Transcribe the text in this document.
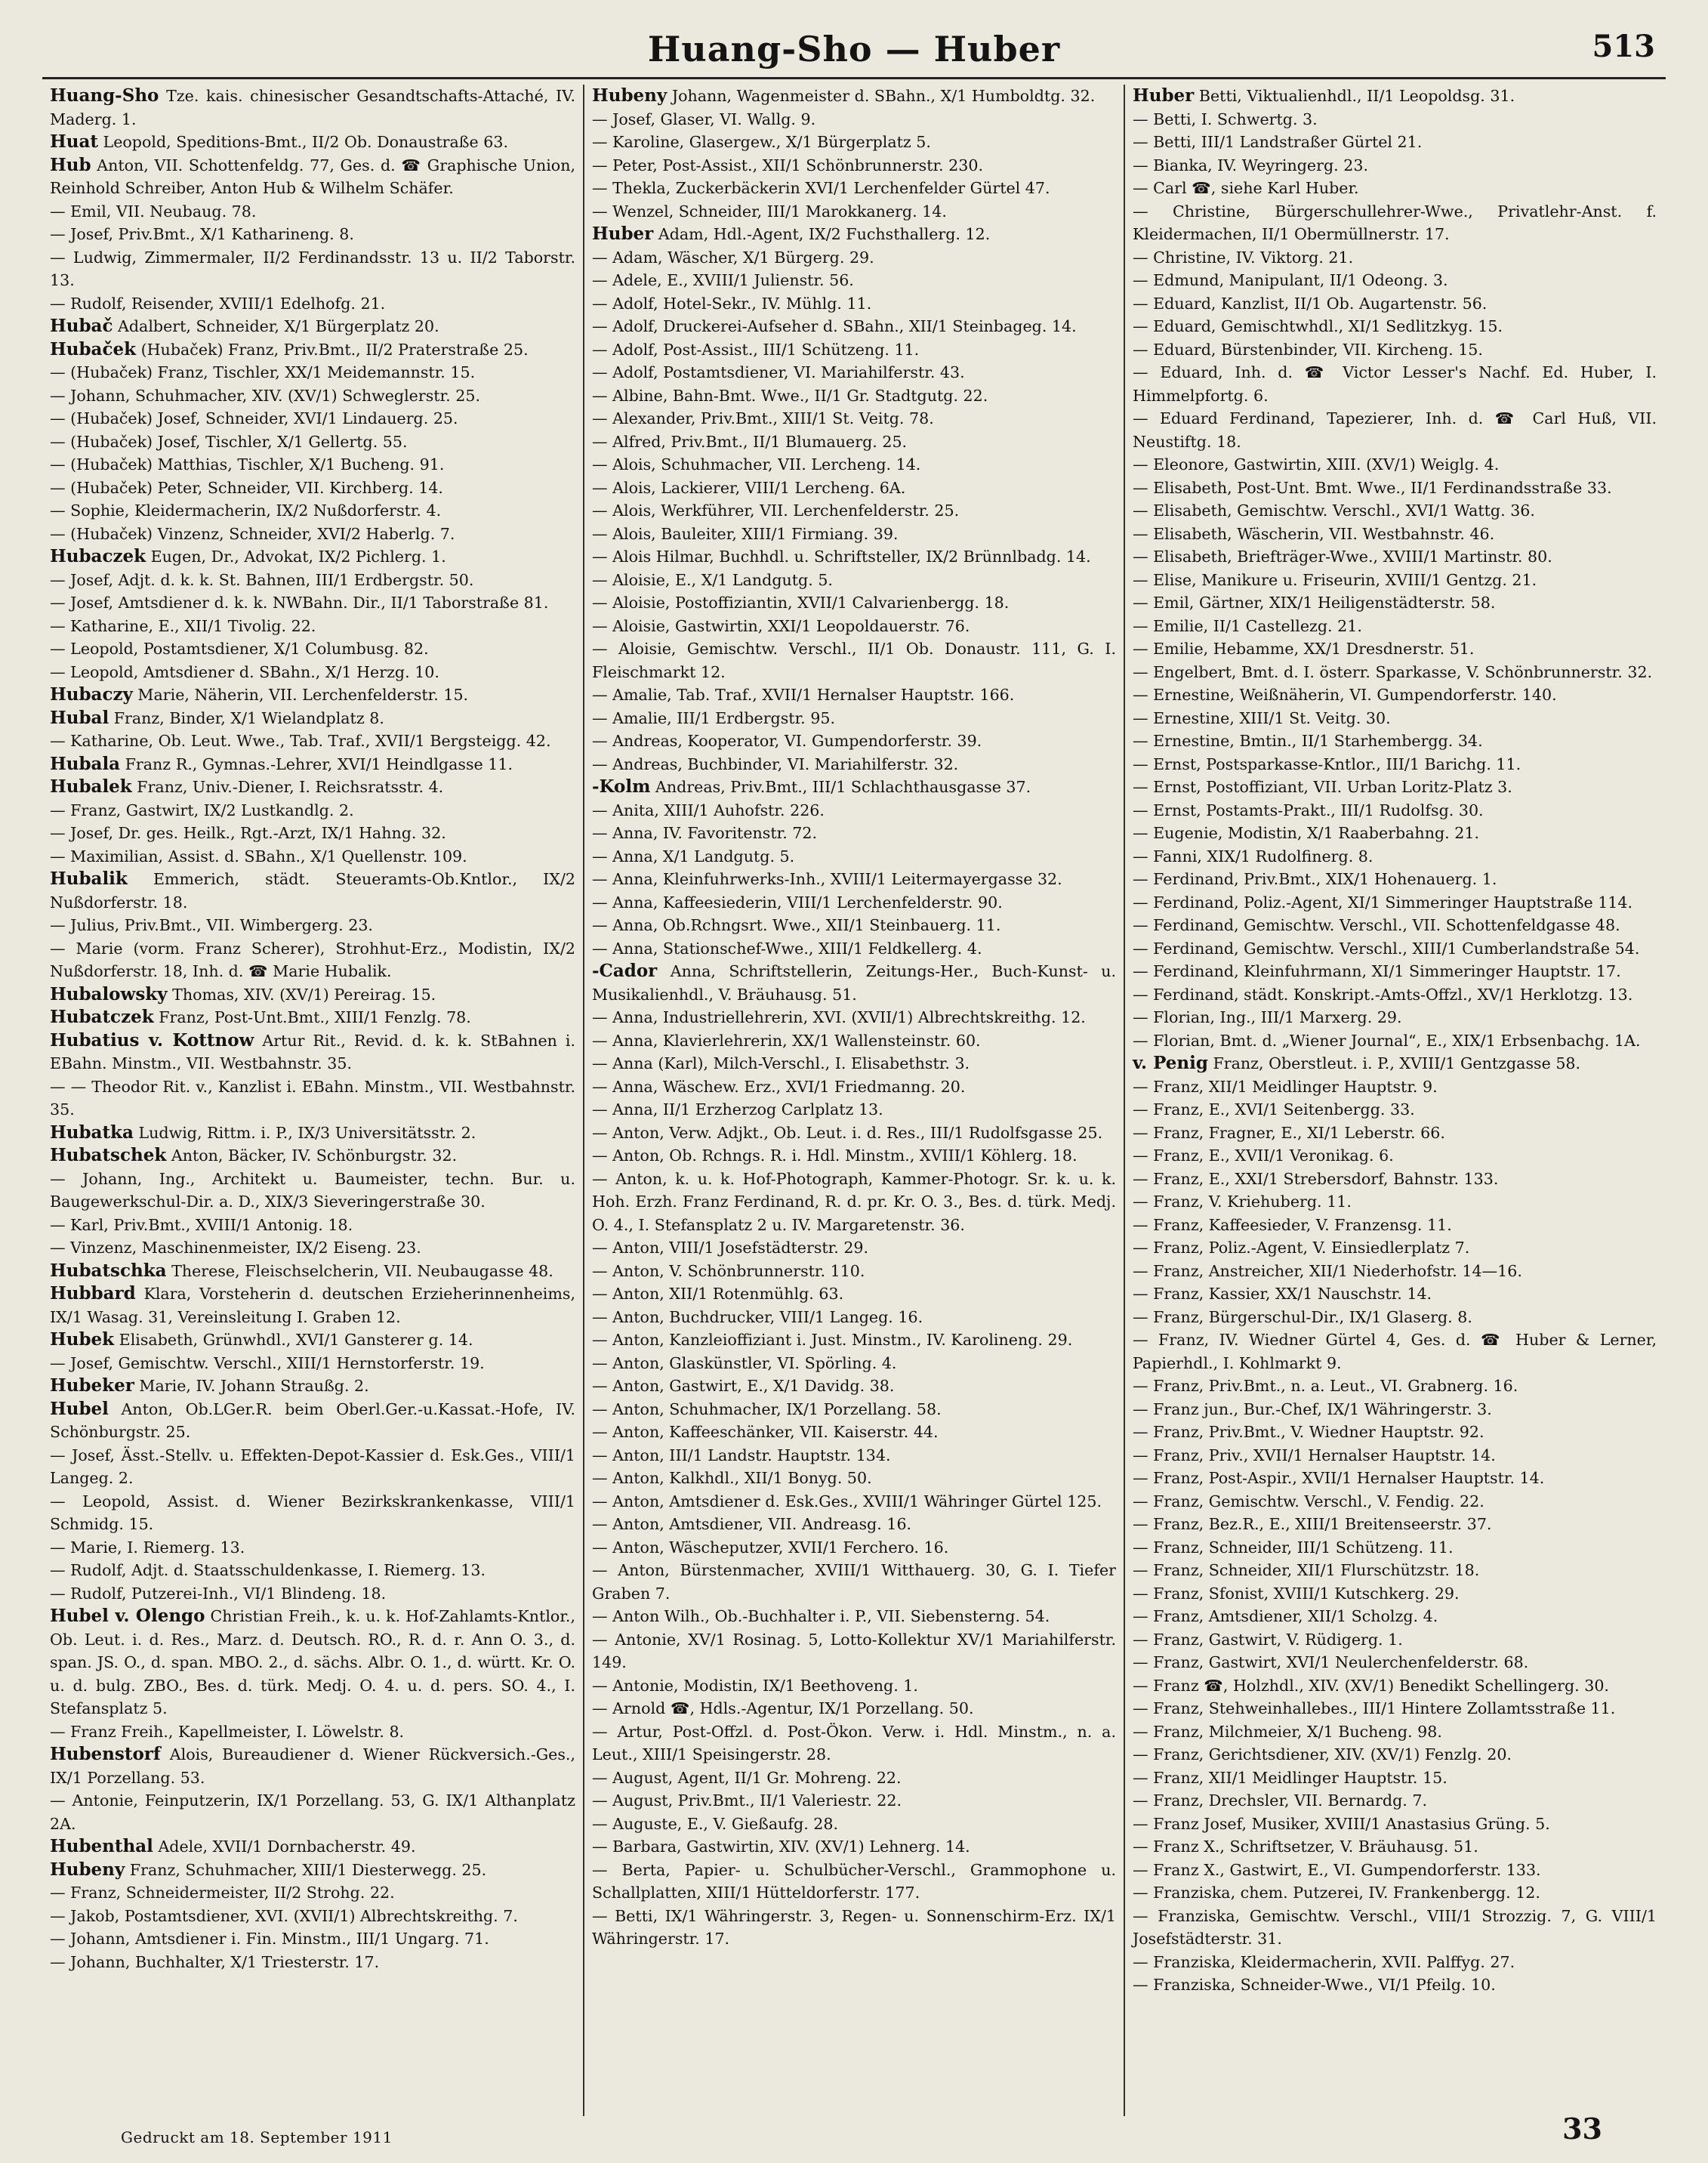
Huang-Sho — Huber	513

Huang-Sho Tze. kais. chinesischer Gesandtschafts-Attaché, IV. Maderg. 1.

Huat Leopold, Speditions-Bmt., II/2 Ob. Donaustraße 63.

Hub Anton, VII. Schottenfeldg. 77, Ges. d. ☎ Graphische Union, Reinhold Schreiber, Anton Hub & Wilhelm Schäfer.

— Emil, VII. Neubaug. 78.

— Josef, Priv.Bmt., X/1 Katharineng. 8.

— Ludwig, Zimmermaler, II/2 Ferdinandsstr. 13 u. II/2 Taborstr. 13.

— Rudolf, Reisender, XVIII/1 Edelhofg. 21.

Hubač Adalbert, Schneider, X/1 Bürgerplatz 20.

Hubaček (Hubaček) Franz, Priv.Bmt., II/2 Praterstraße 25.

— (Hubaček) Franz, Tischler, XX/1 Meidemannstr. 15.

— Johann, Schuhmacher, XIV. (XV/1) Schweglerstr. 25.

— (Hubaček) Josef, Schneider, XVI/1 Lindauerg. 25.

— (Hubaček) Josef, Tischler, X/1 Gellertg. 55.

— (Hubaček) Matthias, Tischler, X/1 Bucheng. 91.

— (Hubaček) Peter, Schneider, VII. Kirchberg. 14.

— Sophie, Kleidermacherin, IX/2 Nußdorferstr. 4.

— (Hubaček) Vinzenz, Schneider, XVI/2 Haberlg. 7.

Hubaczek Eugen, Dr., Advokat, IX/2 Pichlerg. 1.

— Josef, Adjt. d. k. k. St. Bahnen, III/1 Erdbergstr. 50.

— Josef, Amtsdiener d. k. k. NWBahn. Dir., II/1 Taborstraße 81.

— Katharine, E., XII/1 Tivolig. 22.

— Leopold, Postamtsdiener, X/1 Columbusg. 82.

— Leopold, Amtsdiener d. SBahn., X/1 Herzg. 10.

Hubaczy Marie, Näherin, VII. Lerchenfelderstr. 15.

Hubal Franz, Binder, X/1 Wielandplatz 8.

— Katharine, Ob. Leut. Wwe., Tab. Traf., XVII/1 Bergsteigg. 42.

Hubala Franz R., Gymnas.-Lehrer, XVI/1 Heindlgasse 11.

Hubalek Franz, Univ.-Diener, I. Reichsratsstr. 4.

— Franz, Gastwirt, IX/2 Lustkandlg. 2.

— Josef, Dr. ges. Heilk., Rgt.-Arzt, IX/1 Hahng. 32.

— Maximilian, Assist. d. SBahn., X/1 Quellenstr. 109.

Hubalik Emmerich, städt. Steueramts-Ob.Kntlor., IX/2 Nußdorferstr. 18.

— Julius, Priv.Bmt., VII. Wimbergerg. 23.

— Marie (vorm. Franz Scherer), Strohhut-Erz., Modistin, IX/2 Nußdorferstr. 18, Inh. d. ☎ Marie Hubalik.

Hubalowsky Thomas, XIV. (XV/1) Pereirag. 15.

Hubatczek Franz, Post-Unt.Bmt., XIII/1 Fenzlg. 78.

Hubatius v. Kottnow Artur Rit., Revid. d. k. k. StBahnen i. EBahn. Minstm., VII. Westbahnstr. 35.

— — Theodor Rit. v., Kanzlist i. EBahn. Minstm., VII. Westbahnstr. 35.

Hubatka Ludwig, Rittm. i. P., IX/3 Universitätsstr. 2.

Hubatschek Anton, Bäcker, IV. Schönburgstr. 32.

— Johann, Ing., Architekt u. Baumeister, techn. Bur. u. Baugewerkschul-Dir. a. D., XIX/3 Sieveringerstraße 30.

— Karl, Priv.Bmt., XVIII/1 Antonig. 18.

— Vinzenz, Maschinenmeister, IX/2 Eiseng. 23.

Hubatschka Therese, Fleischselcherin, VII. Neubaugasse 48.

Hubbard Klara, Vorsteherin d. deutschen Erzieherinnenheims, IX/1 Wasag. 31, Vereinsleitung I. Graben 12.

Hubek Elisabeth, Grünwhdl., XVI/1 Gansterer g. 14.

— Josef, Gemischtw. Verschl., XIII/1 Hernstorferstr. 19.

Hubeker Marie, IV. Johann Straußg. 2.

Hubel Anton, Ob.LGer.R. beim Oberl.Ger.-u.Kassat.-Hofe, IV. Schönburgstr. 25.

— Josef, Ässt.-Stellv. u. Effekten-Depot-Kassier d. Esk.Ges., VIII/1 Langeg. 2.

— Leopold, Assist. d. Wiener Bezirkskrankenkasse, VIII/1 Schmidg. 15.

— Marie, I. Riemerg. 13.

— Rudolf, Adjt. d. Staatsschuldenkasse, I. Riemerg. 13.

— Rudolf, Putzerei-Inh., VI/1 Blindeng. 18.

Hubel v. Olengo Christian Freih., k. u. k. Hof-Zahlamts-Kntlor., Ob. Leut. i. d. Res., Marz. d. Deutsch. RO., R. d. r. Ann O. 3., d. span. JS. O., d. span. MBO. 2., d. sächs. Albr. O. 1., d. württ. Kr. O. u. d. bulg. ZBO., Bes. d. türk. Medj. O. 4. u. d. pers. SO. 4., I. Stefansplatz 5.

— Franz Freih., Kapellmeister, I. Löwelstr. 8.

Hubenstorf Alois, Bureaudiener d. Wiener Rückversich.-Ges., IX/1 Porzellang. 53.

— Antonie, Feinputzerin, IX/1 Porzellang. 53, G. IX/1 Althanplatz 2A.

Hubenthal Adele, XVII/1 Dornbacherstr. 49.

Hubeny Franz, Schuhmacher, XIII/1 Diesterwegg. 25.

— Franz, Schneidermeister, II/2 Strohg. 22.

— Jakob, Postamtsdiener, XVI. (XVII/1) Albrechtskreithg. 7.

— Johann, Amtsdiener i. Fin. Minstm., III/1 Ungarg. 71.

— Johann, Buchhalter, X/1 Triesterstr. 17.

Hubeny Johann, Wagenmeister d. SBahn., X/1 Humboldtg. 32.

— Josef, Glaser, VI. Wallg. 9.

— Karoline, Glasergew., X/1 Bürgerplatz 5.

— Peter, Post-Assist., XII/1 Schönbrunnerstr. 230.

— Thekla, Zuckerbäckerin XVI/1 Lerchenfelder Gürtel 47.

— Wenzel, Schneider, III/1 Marokkanerg. 14.

Huber Adam, Hdl.-Agent, IX/2 Fuchsthallerg. 12.

— Adam, Wäscher, X/1 Bürgerg. 29.

— Adele, E., XVIII/1 Julienstr. 56.

— Adolf, Hotel-Sekr., IV. Mühlg. 11.

— Adolf, Druckerei-Aufseher d. SBahn., XII/1 Steinbageg. 14.

— Adolf, Post-Assist., III/1 Schützeng. 11.

— Adolf, Postamtsdiener, VI. Mariahilferstr. 43.

— Albine, Bahn-Bmt. Wwe., II/1 Gr. Stadtgutg. 22.

— Alexander, Priv.Bmt., XIII/1 St. Veitg. 78.

— Alfred, Priv.Bmt., II/1 Blumauerg. 25.

— Alois, Schuhmacher, VII. Lercheng. 14.

— Alois, Lackierer, VIII/1 Lercheng. 6A.

— Alois, Werkführer, VII. Lerchenfelderstr. 25.

— Alois, Bauleiter, XIII/1 Firmiang. 39.

— Alois Hilmar, Buchhdl. u. Schriftsteller, IX/2 Brünnlbadg. 14.

— Aloisie, E., X/1 Landgutg. 5.

— Aloisie, Postoffiziantin, XVII/1 Calvarienbergg. 18.

— Aloisie, Gastwirtin, XXI/1 Leopoldauerstr. 76.

— Aloisie, Gemischtw. Verschl., II/1 Ob. Donaustr. 111, G. I. Fleischmarkt 12.

— Amalie, Tab. Traf., XVII/1 Hernalser Hauptstr. 166.

— Amalie, III/1 Erdbergstr. 95.

— Andreas, Kooperator, VI. Gumpendorferstr. 39.

— Andreas, Buchbinder, VI. Mariahilferstr. 32.

-Kolm Andreas, Priv.Bmt., III/1 Schlachthausgasse 37.

— Anita, XIII/1 Auhofstr. 226.

— Anna, IV. Favoritenstr. 72.

— Anna, X/1 Landgutg. 5.

— Anna, Kleinfuhrwerks-Inh., XVIII/1 Leitermayergasse 32.

— Anna, Kaffeesiederin, VIII/1 Lerchenfelderstr. 90.

— Anna, Ob.Rchngsrt. Wwe., XII/1 Steinbauerg. 11.

— Anna, Stationschef-Wwe., XIII/1 Feldkellerg. 4.

-Cador Anna, Schriftstellerin, Zeitungs-Her., Buch-Kunst- u. Musikalienhdl., V. Bräuhausg. 51.

— Anna, Industriellehrerin, XVI. (XVII/1) Albrechtskreithg. 12.

— Anna, Klavierlehrerin, XX/1 Wallensteinstr. 60.

— Anna (Karl), Milch-Verschl., I. Elisabethstr. 3.

— Anna, Wäschew. Erz., XVI/1 Friedmanng. 20.

— Anna, II/1 Erzherzog Carlplatz 13.

— Anton, Verw. Adjkt., Ob. Leut. i. d. Res., III/1 Rudolfsgasse 25.

— Anton, Ob. Rchngs. R. i. Hdl. Minstm., XVIII/1 Köhlerg. 18.

— Anton, k. u. k. Hof-Photograph, Kammer-Photogr. Sr. k. u. k. Hoh. Erzh. Franz Ferdinand, R. d. pr. Kr. O. 3., Bes. d. türk. Medj. O. 4., I. Stefansplatz 2 u. IV. Margaretenstr. 36.

— Anton, VIII/1 Josefstädterstr. 29.

— Anton, V. Schönbrunnerstr. 110.

— Anton, XII/1 Rotenmühlg. 63.

— Anton, Buchdrucker, VIII/1 Langeg. 16.

— Anton, Kanzleioffiziant i. Just. Minstm., IV. Karolineng. 29.

— Anton, Glaskünstler, VI. Spörling. 4.

— Anton, Gastwirt, E., X/1 Davidg. 38.

— Anton, Schuhmacher, IX/1 Porzellang. 58.

— Anton, Kaffeeschänker, VII. Kaiserstr. 44.

— Anton, III/1 Landstr. Hauptstr. 134.

— Anton, Kalkhdl., XII/1 Bonyg. 50.

— Anton, Amtsdiener d. Esk.Ges., XVIII/1 Währinger Gürtel 125.

— Anton, Amtsdiener, VII. Andreasg. 16.

— Anton, Wäscheputzer, XVII/1 Ferchero. 16.

— Anton, Bürstenmacher, XVIII/1 Witthauerg. 30, G. I. Tiefer Graben 7.

— Anton Wilh., Ob.-Buchhalter i. P., VII. Siebensterng. 54.

— Antonie, XV/1 Rosinag. 5, Lotto-Kollektur XV/1 Mariahilferstr. 149.

— Antonie, Modistin, IX/1 Beethoveng. 1.

— Arnold ☎, Hdls.-Agentur, IX/1 Porzellang. 50.

— Artur, Post-Offzl. d. Post-Ökon. Verw. i. Hdl. Minstm., n. a. Leut., XIII/1 Speisingerstr. 28.

— August, Agent, II/1 Gr. Mohreng. 22.

— August, Priv.Bmt., II/1 Valeriestr. 22.

— Auguste, E., V. Gießaufg. 28.

— Barbara, Gastwirtin, XIV. (XV/1) Lehnerg. 14.

— Berta, Papier- u. Schulbücher-Verschl., Grammophone u. Schallplatten, XIII/1 Hütteldorferstr. 177.

— Betti, IX/1 Währingerstr. 3, Regen- u. Sonnenschirm-Erz. IX/1 Währingerstr. 17.

Huber Betti, Viktualienhdl., II/1 Leopoldsg. 31.

— Betti, I. Schwertg. 3.

— Betti, III/1 Landstraßer Gürtel 21.

— Bianka, IV. Weyringerg. 23.

— Carl ☎, siehe Karl Huber.

— Christine, Bürgerschullehrer-Wwe., Privatlehr-Anst. f. Kleidermachen, II/1 Obermüllnerstr. 17.

— Christine, IV. Viktorg. 21.

— Edmund, Manipulant, II/1 Odeong. 3.

— Eduard, Kanzlist, II/1 Ob. Augartenstr. 56.

— Eduard, Gemischtwhdl., XI/1 Sedlitzkyg. 15.

— Eduard, Bürstenbinder, VII. Kircheng. 15.

— Eduard, Inh. d. ☎ Victor Lesser's Nachf. Ed. Huber, I. Himmelpfortg. 6.

— Eduard Ferdinand, Tapezierer, Inh. d. ☎ Carl Huß, VII. Neustiftg. 18.

— Eleonore, Gastwirtin, XIII. (XV/1) Weiglg. 4.

— Elisabeth, Post-Unt. Bmt. Wwe., II/1 Ferdinandsstraße 33.

— Elisabeth, Gemischtw. Verschl., XVI/1 Wattg. 36.

— Elisabeth, Wäscherin, VII. Westbahnstr. 46.

— Elisabeth, Briefträger-Wwe., XVIII/1 Martinstr. 80.

— Elise, Manikure u. Friseurin, XVIII/1 Gentzg. 21.

— Emil, Gärtner, XIX/1 Heiligenstädterstr. 58.

— Emilie, II/1 Castellezg. 21.

— Emilie, Hebamme, XX/1 Dresdnerstr. 51.

— Engelbert, Bmt. d. I. österr. Sparkasse, V. Schönbrunnerstr. 32.

— Ernestine, Weißnäherin, VI. Gumpendorferstr. 140.

— Ernestine, XIII/1 St. Veitg. 30.

— Ernestine, Bmtin., II/1 Starhembergg. 34.

— Ernst, Postsparkasse-Kntlor., III/1 Barichg. 11.

— Ernst, Postoffiziant, VII. Urban Loritz-Platz 3.

— Ernst, Postamts-Prakt., III/1 Rudolfsg. 30.

— Eugenie, Modistin, X/1 Raaberbahng. 21.

— Fanni, XIX/1 Rudolfinerg. 8.

— Ferdinand, Priv.Bmt., XIX/1 Hohenauerg. 1.

— Ferdinand, Poliz.-Agent, XI/1 Simmeringer Hauptstraße 114.

— Ferdinand, Gemischtw. Verschl., VII. Schottenfeldgasse 48.

— Ferdinand, Gemischtw. Verschl., XIII/1 Cumberlandstraße 54.

— Ferdinand, Kleinfuhrmann, XI/1 Simmeringer Hauptstr. 17.

— Ferdinand, städt. Konskript.-Amts-Offzl., XV/1 Herklotzg. 13.

— Florian, Ing., III/1 Marxerg. 29.

— Florian, Bmt. d. „Wiener Journal“, E., XIX/1 Erbsenbachg. 1A.

v. Penig Franz, Oberstleut. i. P., XVIII/1 Gentzgasse 58.

— Franz, XII/1 Meidlinger Hauptstr. 9.

— Franz, E., XVI/1 Seitenbergg. 33.

— Franz, Fragner, E., XI/1 Leberstr. 66.

— Franz, E., XVII/1 Veronikag. 6.

— Franz, E., XXI/1 Strebersdorf, Bahnstr. 133.

— Franz, V. Kriehuberg. 11.

— Franz, Kaffeesieder, V. Franzensg. 11.

— Franz, Poliz.-Agent, V. Einsiedlerplatz 7.

— Franz, Anstreicher, XII/1 Niederhofstr. 14—16.

— Franz, Kassier, XX/1 Nauschstr. 14.

— Franz, Bürgerschul-Dir., IX/1 Glaserg. 8.

— Franz, IV. Wiedner Gürtel 4, Ges. d. ☎ Huber & Lerner, Papierhdl., I. Kohlmarkt 9.

— Franz, Priv.Bmt., n. a. Leut., VI. Grabnerg. 16.

— Franz jun., Bur.-Chef, IX/1 Währingerstr. 3.

— Franz, Priv.Bmt., V. Wiedner Hauptstr. 92.

— Franz, Priv., XVII/1 Hernalser Hauptstr. 14.

— Franz, Post-Aspir., XVII/1 Hernalser Hauptstr. 14.

— Franz, Gemischtw. Verschl., V. Fendig. 22.

— Franz, Bez.R., E., XIII/1 Breitenseerstr. 37.

— Franz, Schneider, III/1 Schützeng. 11.

— Franz, Schneider, XII/1 Flurschützstr. 18.

— Franz, Sfonist, XVIII/1 Kutschkerg. 29.

— Franz, Amtsdiener, XII/1 Scholzg. 4.

— Franz, Gastwirt, V. Rüdigerg. 1.

— Franz, Gastwirt, XVI/1 Neulerchenfelderstr. 68.

— Franz ☎, Holzhdl., XIV. (XV/1) Benedikt Schellingerg. 30.

— Franz, Stehweinhallebes., III/1 Hintere Zollamtsstraße 11.

— Franz, Milchmeier, X/1 Bucheng. 98.

— Franz, Gerichtsdiener, XIV. (XV/1) Fenzlg. 20.

— Franz, XII/1 Meidlinger Hauptstr. 15.

— Franz, Drechsler, VII. Bernardg. 7.

— Franz Josef, Musiker, XVIII/1 Anastasius Grüng. 5.

— Franz X., Schriftsetzer, V. Bräuhausg. 51.

— Franz X., Gastwirt, E., VI. Gumpendorferstr. 133.

— Franziska, chem. Putzerei, IV. Frankenbergg. 12.

— Franziska, Gemischtw. Verschl., VIII/1 Strozzig. 7, G. VIII/1 Josefstädterstr. 31.

— Franziska, Kleidermacherin, XVII. Palffyg. 27.

— Franziska, Schneider-Wwe., VI/1 Pfeilg. 10.

Gedruckt am 18. September 1911	33
